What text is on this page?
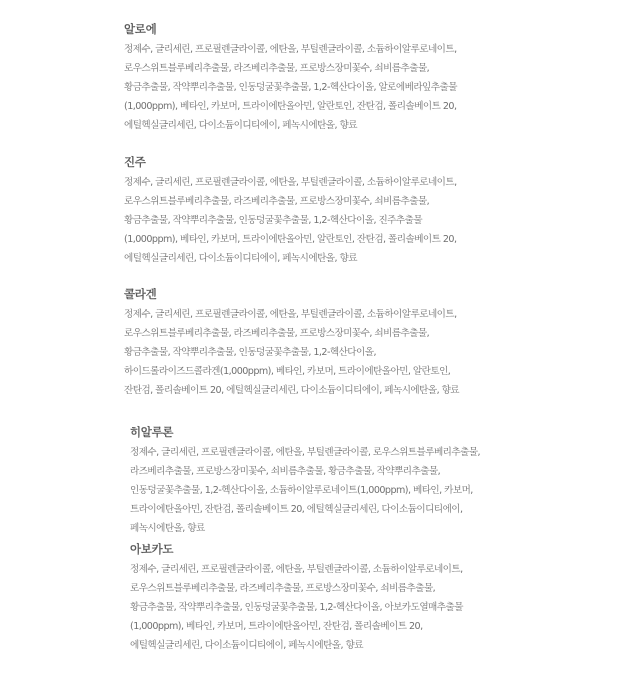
알로에

정제수, 글리세린, 프로필렌글라이콜, 에탄올, 부틸렌글라이콜, 소듐하이알루로네이트,
로우스위트블루베리추출물, 라즈베리추출물, 프로방스장미꽃수, 쇠비름추출물,
황금추출물, 작약뿌리추출물, 인동덩굴꽃추출물, 1,2-헥산다이올, 알로에베라잎추출물
(1,000ppm), 베타인, 카보머, 트라이에탄올아민, 알란토인, 잔탄검, 폴리솔베이트 20,
에틸헥실글리세린, 다이소듐이디티에이, 페녹시에탄올, 향료

진주

정제수, 글리세린, 프로필렌글라이콜, 에탄올, 부틸렌글라이콜, 소듐하이알루로네이트,
로우스위트블루베리추출물, 라즈베리추출물, 프로방스장미꽃수, 쇠비름추출물,
황금추출물, 작약뿌리추출물, 인동덩굴꽃추출물, 1,2-헥산다이올, 진주추출물
(1,000ppm), 베타인, 카보머, 트라이에탄올아민, 알란토인, 잔탄검, 폴리솔베이트 20,
에틸헥실글리세린, 다이소듐이디티에이, 페녹시에탄올, 향료

콜라겐

정제수, 글리세린, 프로필렌글라이콜, 에탄올, 부틸렌글라이콜, 소듐하이알루로네이트,
로우스위트블루베리추출물, 라즈베리추출물, 프로방스장미꽃수, 쇠비름추출물,
황금추출물, 작약뿌리추출물, 인동덩굴꽃추출물, 1,2-헥산다이올,
하이드롤라이즈드콜라겐(1,000ppm), 베타인, 카보머, 트라이에탄올아민, 알란토인,
잔탄검, 폴리솔베이트 20, 에틸헥실글리세린, 다이소듐이디티에이, 페녹시에탄올, 향료

히알루론

정제수, 글리세린, 프로필렌글라이콜, 에탄올, 부틸렌글라이콜, 로우스위트블루베리추출물,
라즈베리추출물, 프로방스장미꽃수, 쇠비름추출물, 황금추출물, 작약뿌리추출물,
인동덩굴꽃추출물, 1,2-헥산다이올, 소듐하이알루로네이트(1,000ppm), 베타인, 카보머,
트라이에탄올아민, 잔탄검, 폴리솔베이트 20, 에틸헥실글리세린, 다이소듐이디티에이,
페녹시에탄올, 향료

아보카도

정제수, 글리세린, 프로필렌글라이콜, 에탄올, 부틸렌글라이콜, 소듐하이알루로네이트,
로우스위트블루베리추출물, 라즈베리추출물, 프로방스장미꽃수, 쇠비름추출물,
황금추출물, 작약뿌리추출물, 인동덩굴꽃추출물, 1,2-헥산다이올, 아보카도열매추출물
(1,000ppm), 베타인, 카보머, 트라이에탄올아민, 잔탄검, 폴리솔베이트 20,
에틸헥실글리세린, 다이소듐이디티에이, 페녹시에탄올, 향료
